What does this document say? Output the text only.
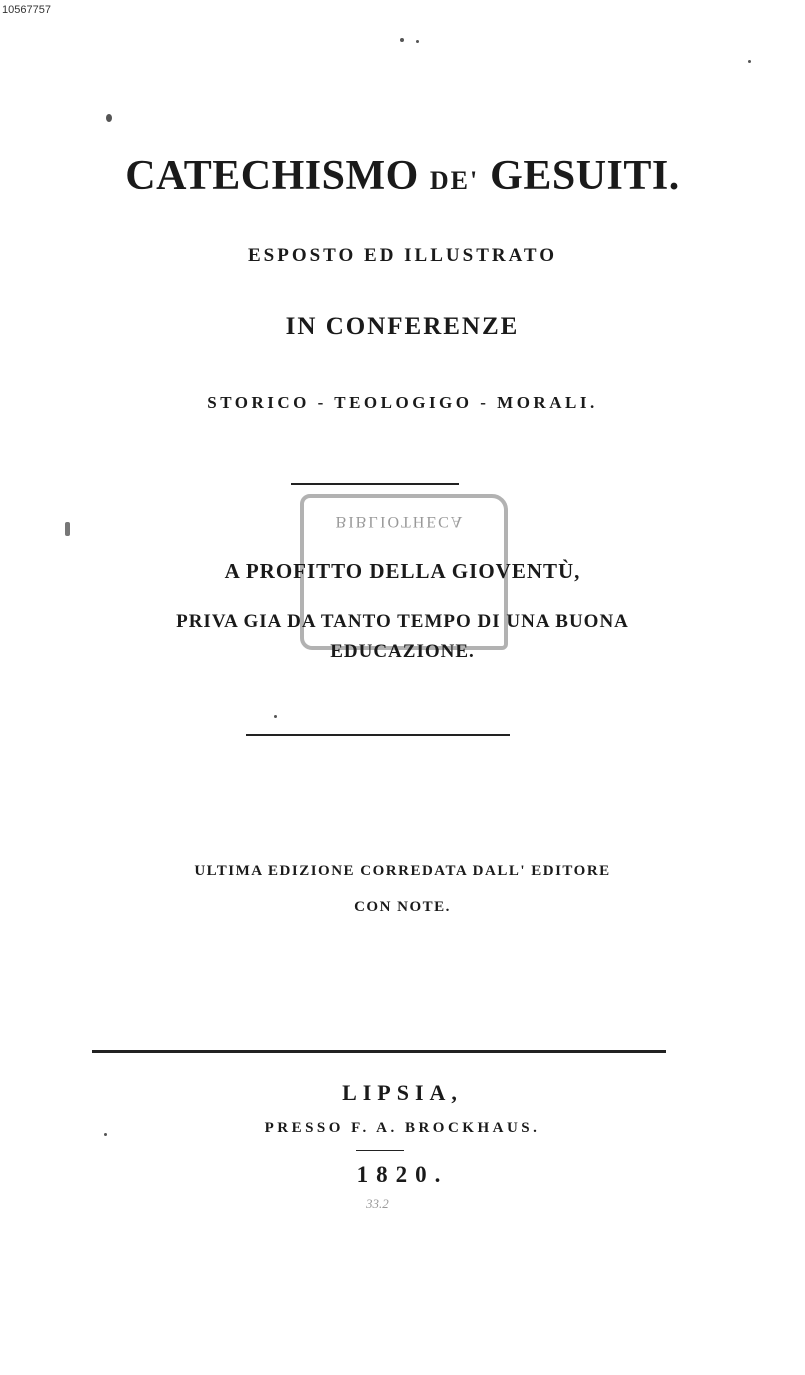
10567757
CATECHISMO DE' GESUITI.
ESPOSTO ED ILLUSTRATO
IN CONFERENZE
STORICO - TEOLOGIGO - MORALI.
BIBLIOTHECA
A PROFITTO DELLA GIOVENTÙ,
PRIVA GIA DA TANTO TEMPO DI UNA BUONA
EDUCAZIONE.
ULTIMA EDIZIONE CORREDATA DALL' EDITORE
CON NOTE.
LIPSIA,
PRESSO F. A. BROCKHAUS.
1820.
33.2
